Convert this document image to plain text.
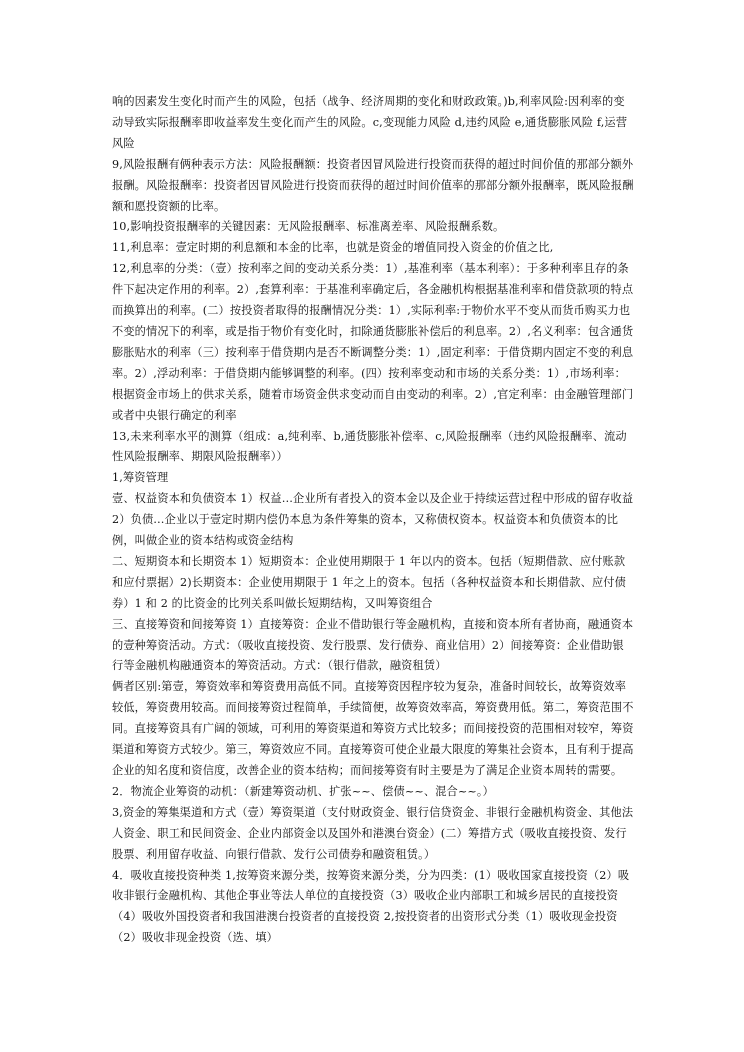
响的因素发生变化时而产生的风险，包括（战争、经济周期的变化和财政政策。)b,利率风险:因利率的变动导致实际报酬率即收益率发生变化而产生的风险。c,变现能力风险 d,违约风险 e,通货膨胀风险 f,运营风险

9,风险报酬有俩种表示方法：风险报酬额：投资者因冒风险进行投资而获得的超过时间价值的那部分额外报酬。风险报酬率：投资者因冒风险进行投资而获得的超过时间价值率的那部分额外报酬率，既风险报酬额和愿投资额的比率。

10,影响投资报酬率的关键因素：无风险报酬率、标准离差率、风险报酬系数。

11,利息率：壹定时期的利息额和本金的比率，也就是资金的增值同投入资金的价值之比,

12,利息率的分类：（壹）按利率之间的变动关系分类：1）,基准利率（基本利率）：于多种利率且存的条件下起决定作用的利率。2）,套算利率：于基准利率确定后，各金融机构根据基准利率和借贷款项的特点而换算出的利率。(二）按投资者取得的报酬情况分类：1）,实际利率:于物价水平不变从而货币购买力也不变的情况下的利率，或是指于物价有变化时，扣除通货膨胀补偿后的利息率。2）,名义利率：包含通货膨胀贴水的利率（三）按利率于借贷期内是否不断调整分类：1）,固定利率：于借贷期内固定不变的利息率。2）,浮动利率：于借贷期内能够调整的利率。(四）按利率变动和市场的关系分类：1）,市场利率：根据资金市场上的供求关系，随着市场资金供求变动而自由变动的利率。2）,官定利率：由金融管理部门或者中央银行确定的利率

13,未来利率水平的测算（组成：a,纯利率、b,通货膨胀补偿率、c,风险报酬率（违约风险报酬率、流动性风险报酬率、期限风险报酬率））

1,筹资管理

壹、权益资本和负债资本 1）权益…企业所有者投入的资本金以及企业于持续运营过程中形成的留存收益 2）负债…企业以于壹定时期内偿仍本息为条件筹集的资本，又称债权资本。权益资本和负债资本的比例，叫做企业的资本结构或资金结构

二、短期资本和长期资本 1）短期资本：企业使用期限于 1 年以内的资本。包括（短期借款、应付账款和应付票据）2)长期资本：企业使用期限于 1 年之上的资本。包括（各种权益资本和长期借款、应付债券）1 和 2 的比资金的比列关系叫做长短期结构，又叫筹资组合

三、直接筹资和间接筹资 1）直接筹资：企业不借助银行等金融机构，直接和资本所有者协商，融通资本的壹种筹资活动。方式：（吸收直接投资、发行股票、发行债券、商业信用）2）间接筹资：企业借助银行等金融机构融通资本的筹资活动。方式：（银行借款，融资租赁）

俩者区别:第壹，筹资效率和筹资费用高低不同。直接筹资因程序较为复杂，准备时间较长，故筹资效率较低，筹资费用较高。而间接筹资过程简单，手续简便，故筹资效率高，筹资费用低。第二，筹资范围不同。直接筹资具有广阔的领域，可利用的筹资渠道和筹资方式比较多；而间接投资的范围相对较窄，筹资渠道和筹资方式较少。第三，筹资效应不同。直接筹资可使企业最大限度的筹集社会资本，且有利于提高企业的知名度和资信度，改善企业的资本结构；而间接筹资有时主要是为了满足企业资本周转的需要。

2．物流企业筹资的动机：（新建筹资动机、扩张~~、偿债~~、混合~~。）

3,资金的筹集渠道和方式（壹）筹资渠道（支付财政资金、银行信贷资金、非银行金融机构资金、其他法人资金、职工和民间资金、企业内部资金以及国外和港澳台资金）(二）筹措方式（吸收直接投资、发行股票、利用留存收益、向银行借款、发行公司债券和融资租赁。）

4．吸收直接投资种类 1,按筹资来源分类，按筹资来源分类，分为四类：(1）吸收国家直接投资（2）吸收非银行金融机构、其他企事业等法人单位的直接投资（3）吸收企业内部职工和城乡居民的直接投资（4）吸收外国投资者和我国港澳台投资者的直接投资 2,按投资者的出资形式分类（1）吸收现金投资（2）吸收非现金投资（选、填）
